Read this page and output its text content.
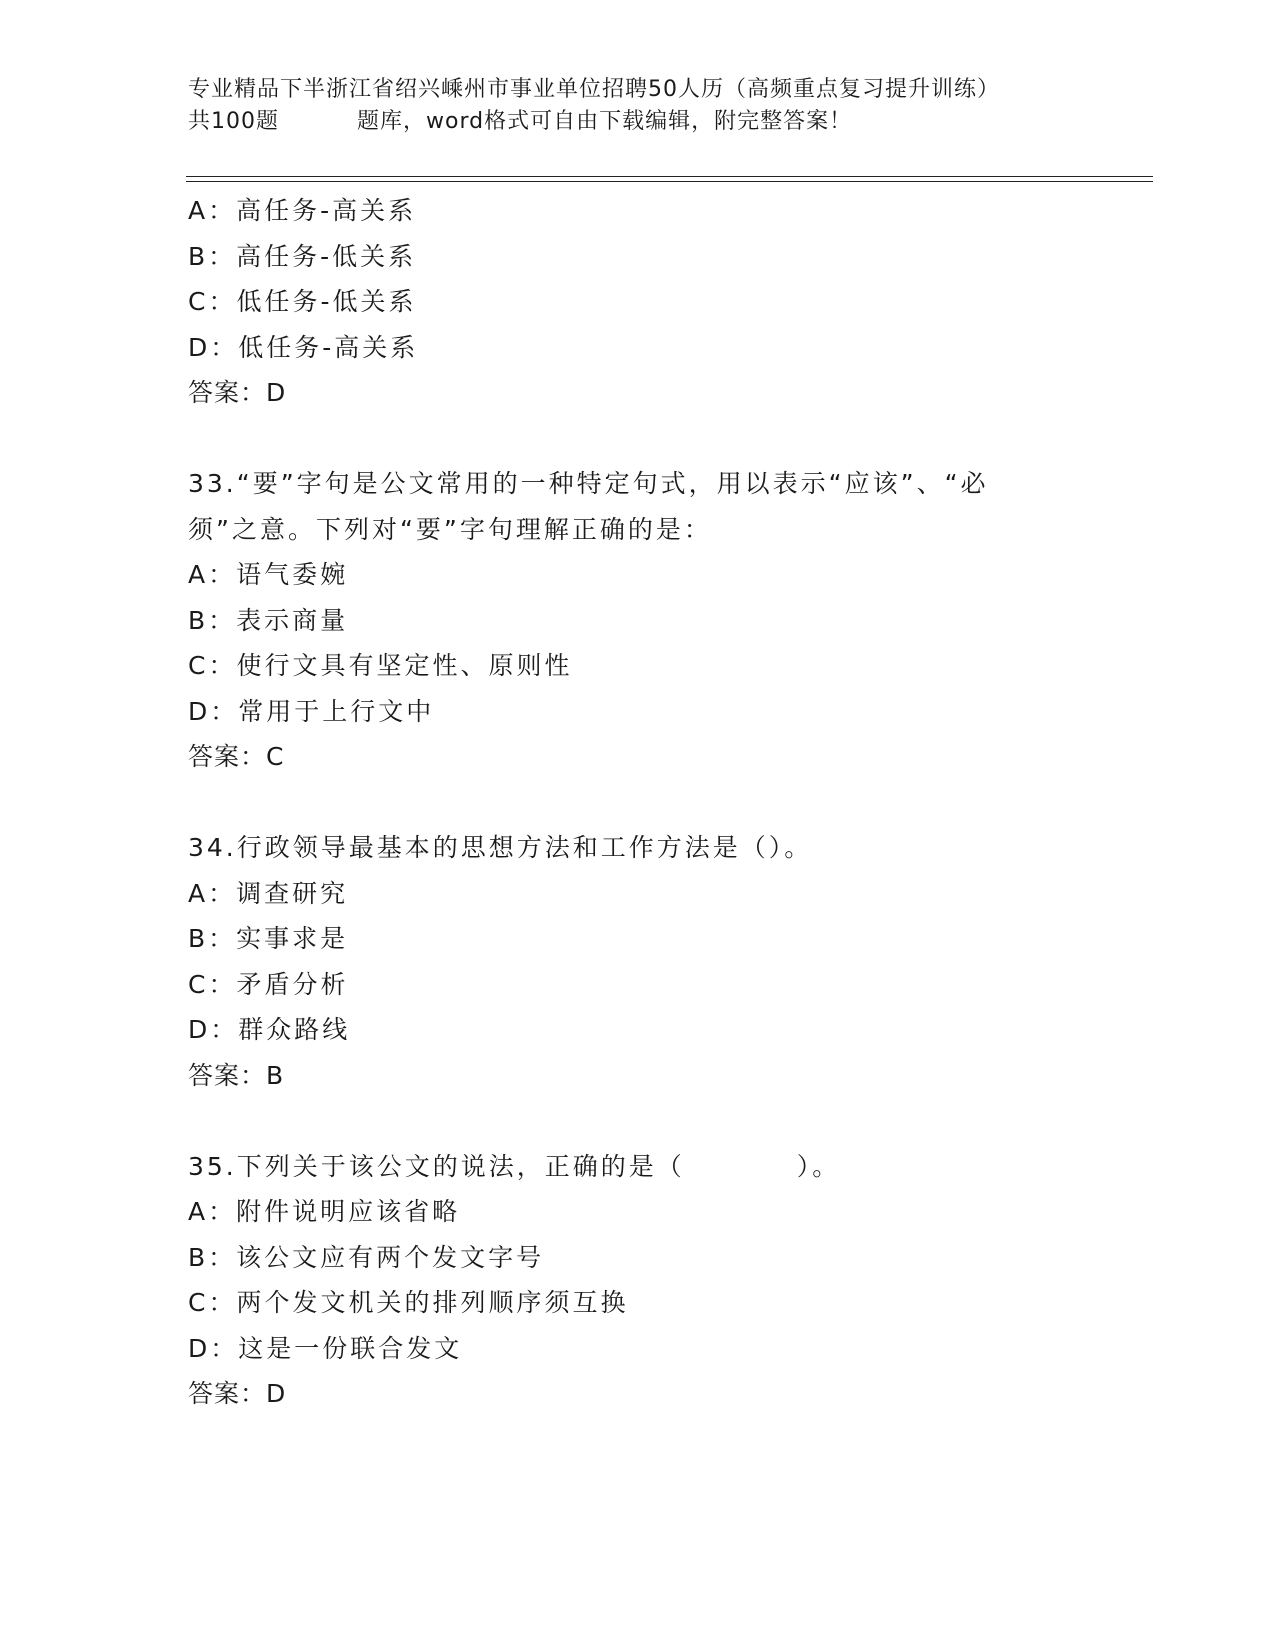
专业精品下半浙江省绍兴嵊州市事业单位招聘50人历（高频重点复习提升训练）
共100题	题库，word格式可自由下载编辑，附完整答案！
A：高任务-高关系
B：高任务-低关系
C：低任务-低关系
D：低任务-高关系
答案：D
33.“要”字句是公文常用的一种特定句式，用以表示“应该”、“必
须”之意。下列对“要”字句理解正确的是：
A：语气委婉
B：表示商量
C：使行文具有坚定性、原则性
D：常用于上行文中
答案：C
34.行政领导最基本的思想方法和工作方法是（）。
A：调查研究
B：实事求是
C：矛盾分析
D：群众路线
答案：B
35.下列关于该公文的说法，正确的是（　　　　）。
A：附件说明应该省略
B：该公文应有两个发文字号
C：两个发文机关的排列顺序须互换
D：这是一份联合发文
答案：D
